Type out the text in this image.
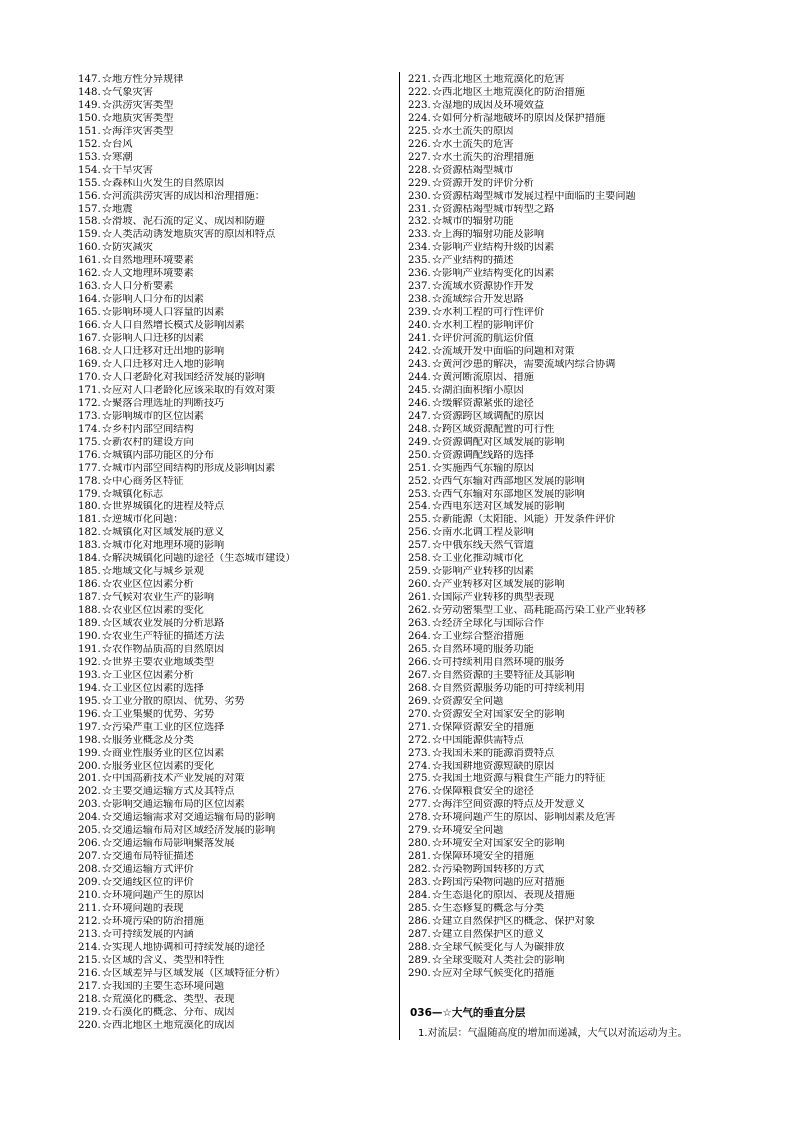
147.☆地方性分异规律
148.☆气象灾害
149.☆洪涝灾害类型
150.☆地质灾害类型
151.☆海洋灾害类型
152.☆台风
153.☆寒潮
154.☆干旱灾害
155.☆森林山火发生的自然原因
156.☆河流洪涝灾害的成因和治理措施：
157.☆地震
158.☆滑坡、泥石流的定义、成因和防避
159.☆人类活动诱发地质灾害的原因和特点
160.☆防灾减灾
161.☆自然地理环境要素
162.☆人文地理环境要素
163.☆人口分析要素
164.☆影响人口分布的因素
165.☆影响环境人口容量的因素
166.☆人口自然增长模式及影响因素
167.☆影响人口迁移的因素
168.☆人口迁移对迁出地的影响
169.☆人口迁移对迁入地的影响
170.☆人口老龄化对我国经济发展的影响
171.☆应对人口老龄化应该采取的有效对策
172.☆聚落合理选址的判断技巧
173.☆影响城市的区位因素
174.☆乡村内部空间结构
175.☆新农村的建设方向
176.☆城镇内部功能区的分布
177.☆城市内部空间结构的形成及影响因素
178.☆中心商务区特征
179.☆城镇化标志
180.☆世界城镇化的进程及特点
181.☆逆城市化问题：
182.☆城镇化对区域发展的意义
183.☆城市化对地理环境的影响
184.☆解决城镇化问题的途径（生态城市建设）
185.☆地域文化与城乡景观
186.☆农业区位因素分析
187.☆气候对农业生产的影响
188.☆农业区位因素的变化
189.☆区域农业发展的分析思路
190.☆农业生产特征的描述方法
191.☆农作物品质高的自然原因
192.☆世界主要农业地域类型
193.☆工业区位因素分析
194.☆工业区位因素的选择
195.☆工业分散的原因、优势、劣势
196.☆工业集聚的优势、劣势
197.☆污染严重工业的区位选择
198.☆服务业概念及分类
199.☆商业性服务业的区位因素
200.☆服务业区位因素的变化
201.☆中国高新技术产业发展的对策
202.☆主要交通运输方式及其特点
203.☆影响交通运输布局的区位因素
204.☆交通运输需求对交通运输布局的影响
205.☆交通运输布局对区域经济发展的影响
206.☆交通运输布局影响聚落发展
207.☆交通布局特征描述
208.☆交通运输方式评价
209.☆交通线区位的评价
210.☆环境问题产生的原因
211.☆环境问题的表现
212.☆环境污染的防治措施
213.☆可持续发展的内涵
214.☆实现人地协调和可持续发展的途径
215.☆区域的含义、类型和特性
216.☆区域差异与区域发展（区域特征分析）
217.☆我国的主要生态环境问题
218.☆荒漠化的概念、类型、表现
219.☆石漠化的概念、分布、成因
220.☆西北地区土地荒漠化的成因
221.☆西北地区土地荒漠化的危害
222.☆西北地区土地荒漠化的防治措施
223.☆湿地的成因及环境效益
224.☆如何分析湿地破坏的原因及保护措施
225.☆水土流失的原因
226.☆水土流失的危害
227.☆水土流失的治理措施
228.☆资源枯竭型城市
229.☆资源开发的评价分析
230.☆资源枯竭型城市发展过程中面临的主要问题
231.☆资源枯竭型城市转型之路
232.☆城市的辐射功能
233.☆上海的辐射功能及影响
234.☆影响产业结构升级的因素
235.☆产业结构的描述
236.☆影响产业结构变化的因素
237.☆流域水资源协作开发
238.☆流域综合开发思路
239.☆水利工程的可行性评价
240.☆水利工程的影响评价
241.☆评价河流的航运价值
242.☆流域开发中面临的问题和对策
243.☆黄河沙患的解决，需要流域内综合协调
244.☆黄河断流原因、措施
245.☆湖泊面积缩小原因
246.☆缓解资源紧张的途径
247.☆资源跨区域调配的原因
248.☆跨区域资源配置的可行性
249.☆资源调配对区域发展的影响
250.☆资源调配线路的选择
251.☆实施西气东输的原因
252.☆西气东输对西部地区发展的影响
253.☆西气东输对东部地区发展的影响
254.☆西电东送对区域发展的影响
255.☆新能源（太阳能、风能）开发条件评价
256.☆南水北调工程及影响
257.☆中俄东线天然气管道
258.☆工业化推动城市化
259.☆影响产业转移的因素
260.☆产业转移对区域发展的影响
261.☆国际产业转移的典型表现
262.☆劳动密集型工业、高耗能高污染工业产业转移
263.☆经济全球化与国际合作
264.☆工业综合整治措施
265.☆自然环境的服务功能
266.☆可持续利用自然环境的服务
267.☆自然资源的主要特征及其影响
268.☆自然资源服务功能的可持续利用
269.☆资源安全问题
270.☆资源安全对国家安全的影响
271.☆保障资源安全的措施
272.☆中国能源供需特点
273.☆我国未来的能源消费特点
274.☆我国耕地资源短缺的原因
275.☆我国土地资源与粮食生产能力的特征
276.☆保障粮食安全的途径
277.☆海洋空间资源的特点及开发意义
278.☆环境问题产生的原因、影响因素及危害
279.☆环境安全问题
280.☆环境安全对国家安全的影响
281.☆保障环境安全的措施
282.☆污染物跨国转移的方式
283.☆跨国污染物问题的应对措施
284.☆生态退化的原因、表现及措施
285.☆生态修复的概念与分类
286.☆建立自然保护区的概念、保护对象
287.☆建立自然保护区的意义
288.☆全球气候变化与人为碳排放
289.☆全球变暖对人类社会的影响
290.☆应对全球气候变化的措施
036—☆大气的垂直分层
1.对流层：气温随高度的增加而递减，大气以对流运动为主。
